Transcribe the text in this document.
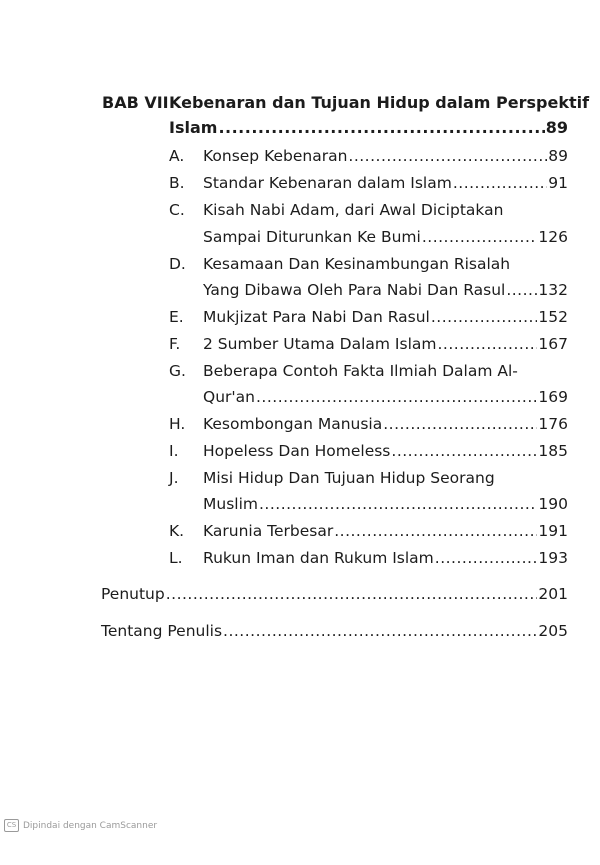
BAB VII Kebenaran dan Tujuan Hidup dalam Perspektif
Islam .....	89
A. Konsep Kebenaran .....	89
B. Standar Kebenaran dalam Islam .....	91
C. Kisah Nabi Adam, dari Awal Diciptakan
Sampai Diturunkan Ke Bumi .....	126
D. Kesamaan Dan Kesinambungan Risalah
Yang Dibawa Oleh Para Nabi Dan Rasul ..... 132
E. Mukjizat Para Nabi Dan Rasul .....	152
F. 2 Sumber Utama Dalam Islam .....	167
G. Beberapa Contoh Fakta Ilmiah Dalam Al-
Qur'an .....	169
H. Kesombongan Manusia .....	176
I. Hopeless Dan Homeless .....	185
J. Misi Hidup Dan Tujuan Hidup Seorang
Muslim .....	190
K. Karunia Terbesar .....	191
L. Rukun Iman dan Rukum Islam .....	193
Penutup .....	201
Tentang Penulis .....	205
CS Dipindai dengan CamScanner
